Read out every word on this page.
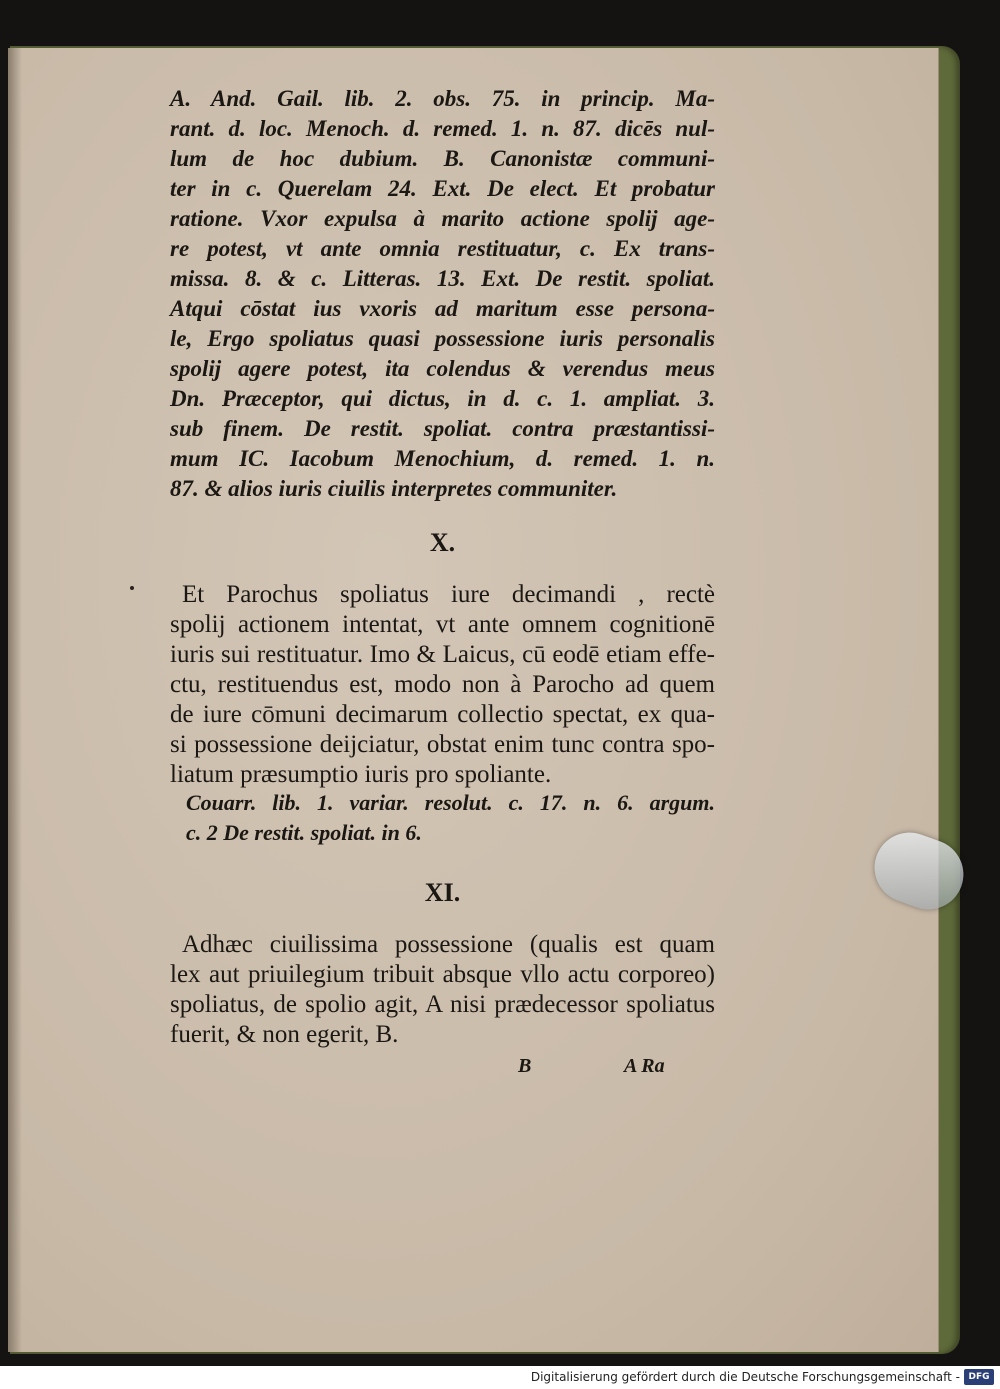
A. And. Gail. lib. 2. obs. 75. in princip. Ma-
rant. d. loc. Menoch. d. remed. 1. n. 87. dicēs nul-
lum de hoc dubium. B. Canonistæ communi-
ter in c. Querelam 24. Ext. De elect. Et probatur
ratione. Vxor expulsa à marito actione spolij age-
re potest, vt ante omnia restituatur, c. Ex trans-
missa. 8. & c. Litteras. 13. Ext. De restit. spoliat.
Atqui cōstat ius vxoris ad maritum esse persona-
le, Ergo spoliatus quasi possessione iuris personalis
spolij agere potest, ita colendus & verendus meus
Dn. Præceptor, qui dictus, in d. c. 1. ampliat. 3.
sub finem. De restit. spoliat. contra præstantissi-
mum IC. Iacobum Menochium, d. remed. 1. n.
87. & alios iuris ciuilis interpretes communiter.
X.
Et Parochus spoliatus iure decimandi , rectè
spolij actionem intentat, vt ante omnem cognitionē
iuris sui restituatur. Imo & Laicus, cū eodē etiam effe-
ctu, restituendus est, modo non à Parocho ad quem
de iure cōmuni decimarum collectio spectat, ex qua-
si possessione deijciatur, obstat enim tunc contra spo-
liatum præsumptio iuris pro spoliante.
Couarr. lib. 1. variar. resolut. c. 17. n. 6. argum.
c. 2 De restit. spoliat. in 6.
XI.
Adhæc ciuilissima possessione (qualis est quam
lex aut priuilegium tribuit absque vllo actu corporeo)
spoliatus, de spolio agit, A nisi prædecessor spoliatus
fuerit, & non egerit, B.
B	A Ra
Digitalisierung gefördert durch die Deutsche Forschungsgemeinschaft - DFG
